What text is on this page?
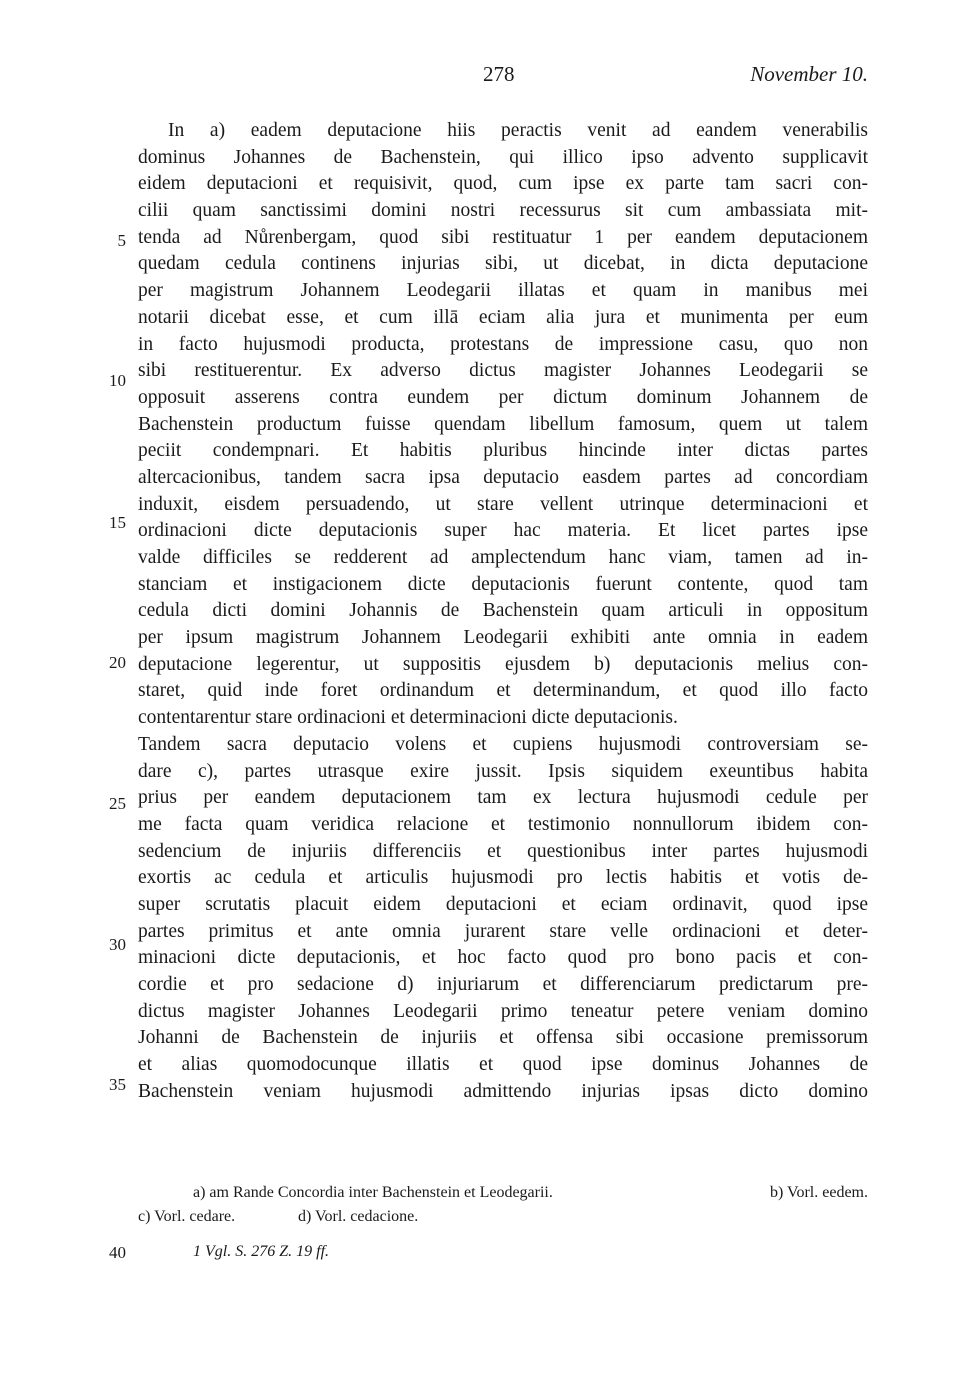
278	November 10.
5
10
15
20
25
30
35
40
In a) eadem deputacione hiis peractis venit ad eandem venerabilis
dominus Johannes de Bachenstein, qui illico ipso advento supplicavit
eidem deputacioni et requisivit, quod, cum ipse ex parte tam sacri con-
cilii quam sanctissimi domini nostri recessurus sit cum ambassiata mit-
tenda ad Nůrenbergam, quod sibi restituatur 1 per eandem deputacionem
quedam cedula continens injurias sibi, ut dicebat, in dicta deputacione
per magistrum Johannem Leodegarii illatas et quam in manibus mei
notarii dicebat esse, et cum illā eciam alia jura et munimenta per eum
in facto hujusmodi producta, protestans de impressione casu, quo non
sibi restituerentur. Ex adverso dictus magister Johannes Leodegarii se
opposuit asserens contra eundem per dictum dominum Johannem de
Bachenstein productum fuisse quendam libellum famosum, quem ut talem
peciit condempnari. Et habitis pluribus hincinde inter dictas partes
altercacionibus, tandem sacra ipsa deputacio easdem partes ad concordiam
induxit, eisdem persuadendo, ut stare vellent utrinque determinacioni et
ordinacioni dicte deputacionis super hac materia. Et licet partes ipse
valde difficiles se redderent ad amplectendum hanc viam, tamen ad in-
stanciam et instigacionem dicte deputacionis fuerunt contente, quod tam
cedula dicti domini Johannis de Bachenstein quam articuli in oppositum
per ipsum magistrum Johannem Leodegarii exhibiti ante omnia in eadem
deputacione legerentur, ut suppositis ejusdem b) deputacionis melius con-
staret, quid inde foret ordinandum et determinandum, et quod illo facto
contentarentur stare ordinacioni et determinacioni dicte deputacionis.
Tandem sacra deputacio volens et cupiens hujusmodi controversiam se-
dare c), partes utrasque exire jussit. Ipsis siquidem exeuntibus habita
prius per eandem deputacionem tam ex lectura hujusmodi cedule per
me facta quam veridica relacione et testimonio nonnullorum ibidem con-
sedencium de injuriis differenciis et questionibus inter partes hujusmodi
exortis ac cedula et articulis hujusmodi pro lectis habitis et votis de-
super scrutatis placuit eidem deputacioni et eciam ordinavit, quod ipse
partes primitus et ante omnia jurarent stare velle ordinacioni et deter-
minacioni dicte deputacionis, et hoc facto quod pro bono pacis et con-
cordie et pro sedacione d) injuriarum et differenciarum predictarum pre-
dictus magister Johannes Leodegarii primo teneatur petere veniam domino
Johanni de Bachenstein de injuriis et offensa sibi occasione premissorum
et alias quomodocunque illatis et quod ipse dominus Johannes de
Bachenstein veniam hujusmodi admittendo injurias ipsas dicto domino
a) am Rande Concordia inter Bachenstein et Leodegarii.	b) Vorl. eedem.
c) Vorl. cedare.	d) Vorl. cedacione.
1 Vgl. S. 276 Z. 19 ff.
